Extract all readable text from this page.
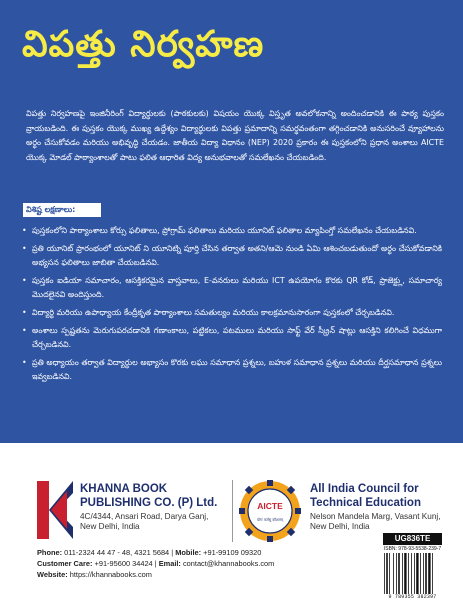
విపత్తు నిర్వహణ

విపత్తు నిర్వహణపై ఇంజినీరింగ్ విద్యార్థులకు (పాఠకులకు) విషయం యొక్క విస్తృత అవలోకనాన్ని అందించడానికి ఈ పాఠ్య పుస్తకం వ్రాయబడింది. ఈ పుస్తకం యొక్క ముఖ్య ఉద్దేశ్యం విద్యార్థులకు విపత్తు ప్రమాదాన్ని సమర్థవంతంగా తగ్గించడానికి అనుసరించే వ్యూహాలను అర్థం చేసుకోవడం మరియు అభివృద్ధి చేయడం. జాతీయ విద్యా విధానం (NEP) 2020 ప్రకారం ఈ పుస్తకంలోని ప్రధాన అంశాలు AICTE యొక్క మోడల్ పాఠ్యాంశాలతో పాటు ఫలిత ఆధారిత విద్య అనుభవాలతో సమలేఖనం చేయబడింది.

విశిష్ట లక్షణాలు:
• పుస్తకంలోని పాఠ్యాంశాలు కోర్సు ఫలితాలు, ప్రోగ్రామ్ ఫలితాలు మరియు యూనిట్ ఫలితాల మ్యాపింగ్తో సమలేఖనం చేయబడినవి.
• ప్రతి యూనిట్ ప్రారంభంలో యూనిట్ ని యూనిట్ని పూర్తి చేసిన తర్వాత అతని/ఆమె నుండి ఏమి ఆశించబడుతుందో అర్థం చేసుకోవడానికి అభ్యసన ఫలితాలు జాబితా చేయబడినవి.
• పుస్తకం ఐడియా సమాచారం, ఆసక్తికరమైన వాస్తవాలు, E-వనరులు మరియు ICT ఉపయోగం కొరకు QR కోడ్, ప్రాజెక్ట్లు, సమాచార్య మొదలైనవి అందిస్తుంది.
• విద్యార్థి మరియు ఉపాధ్యాయ కేంద్రీకృత పాఠ్యాంశాలు సమతుల్యం మరియు కాలక్రమానుసారంగా పుస్తకంలో చేర్చబడినవి.
• అంశాలు స్పష్టతను మెరుగుపరచడానికి గణాంకాలు, పట్టికలు, పటములు మరియు సాఫ్ట్ వేర్ స్క్రీన్ షాట్లు ఆసక్తిని కలిగించే విధముగా చేర్చబడినవి.
• ప్రతి అధ్యాయం తర్వాత విద్యార్థుల అభ్యాసం కొరకు లఘు సమాధాన ప్రశ్నలు, బహుళ సమాధాన ప్రశ్నలు మరియు దీర్ఘసమాధాన ప్రశ్నలు ఇవ్వబడినవి.
KHANNA BOOK
PUBLISHING CO. (P) Ltd.
4C/4344, Ansari Road, Darya Ganj,
New Delhi, India
AICTE
योगः कर्मसु कौशलम्
All India Council for
Technical Education
Nelson Mandela Marg, Vasant Kunj,
New Delhi, India
Phone: 011-2324 44 47 - 48, 4321 5684 | Mobile: +91-99109 09320
Customer Care: +91-95600 34424 | Email: contact@khannabooks.com
Website: https://khannabooks.com
UG836TE
ISBN: 978-93-5538-239-7
9 789355 382397
